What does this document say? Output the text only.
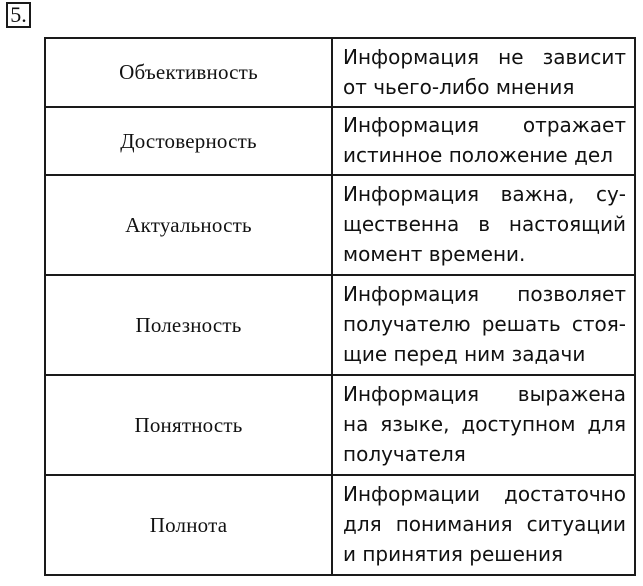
5.
Объективность	Информация не зависит
от чьего-либо мнения

Достоверность	Информация отражает
истинное положение дел

Актуальность	Информация важна, су-
щественна в настоящий
момент времени.

Полезность	Информация позволяет
получателю решать стоя-
щие перед ним задачи

Понятность	Информация выражена
на языке, доступном для
получателя

Полнота	Информации достаточно
для понимания ситуации
и принятия решения
